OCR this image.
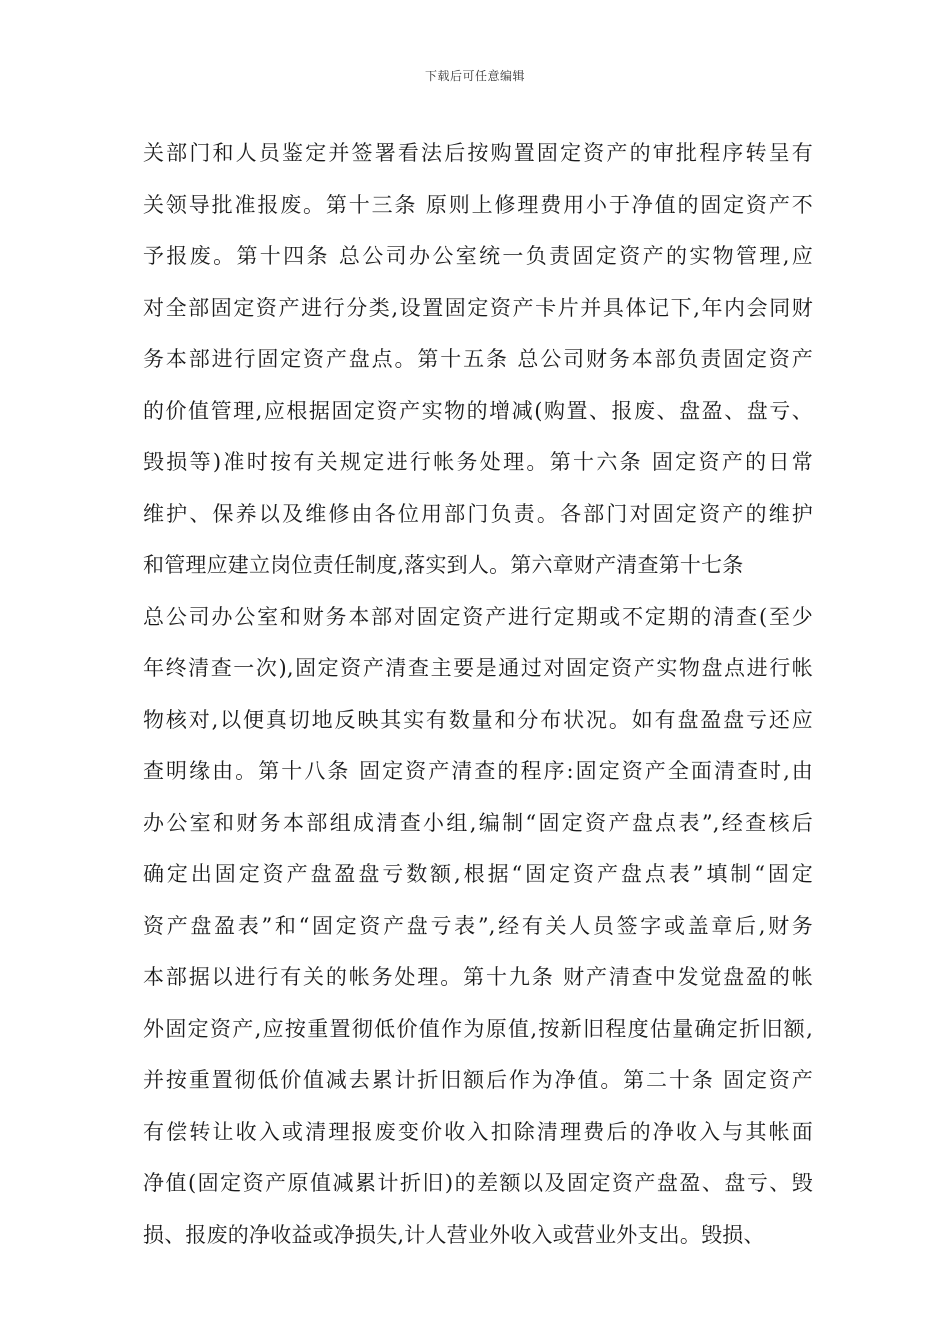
下载后可任意编辑
关部门和人员鉴定并签署看法后按购置固定资产的审批程序转呈有
关领导批准报废。第十三条 原则上修理费用小于净值的固定资产不
予报废。第十四条 总公司办公室统一负责固定资产的实物管理,应
对全部固定资产进行分类,设置固定资产卡片并具体记下,年内会同财
务本部进行固定资产盘点。第十五条 总公司财务本部负责固定资产
的价值管理,应根据固定资产实物的增减(购置、报废、盘盈、盘亏、
毁损等)准时按有关规定进行帐务处理。第十六条 固定资产的日常
维护、保养以及维修由各位用部门负责。各部门对固定资产的维护
和管理应建立岗位责任制度,落实到人。第六章财产清查第十七条
总公司办公室和财务本部对固定资产进行定期或不定期的清查(至少
年终清查一次),固定资产清查主要是通过对固定资产实物盘点进行帐
物核对,以便真切地反映其实有数量和分布状况。如有盘盈盘亏还应
查明缘由。第十八条 固定资产清查的程序:固定资产全面清查时,由
办公室和财务本部组成清查小组,编制“固定资产盘点表”,经查核后
确定出固定资产盘盈盘亏数额,根据“固定资产盘点表”填制“固定
资产盘盈表”和“固定资产盘亏表”,经有关人员签字或盖章后,财务
本部据以进行有关的帐务处理。第十九条 财产清查中发觉盘盈的帐
外固定资产,应按重置彻低价值作为原值,按新旧程度估量确定折旧额,
并按重置彻低价值减去累计折旧额后作为净值。第二十条 固定资产
有偿转让收入或清理报废变价收入扣除清理费后的净收入与其帐面
净值(固定资产原值减累计折旧)的差额以及固定资产盘盈、盘亏、毁
损、报废的净收益或净损失,计人营业外收入或营业外支出。毁损、
